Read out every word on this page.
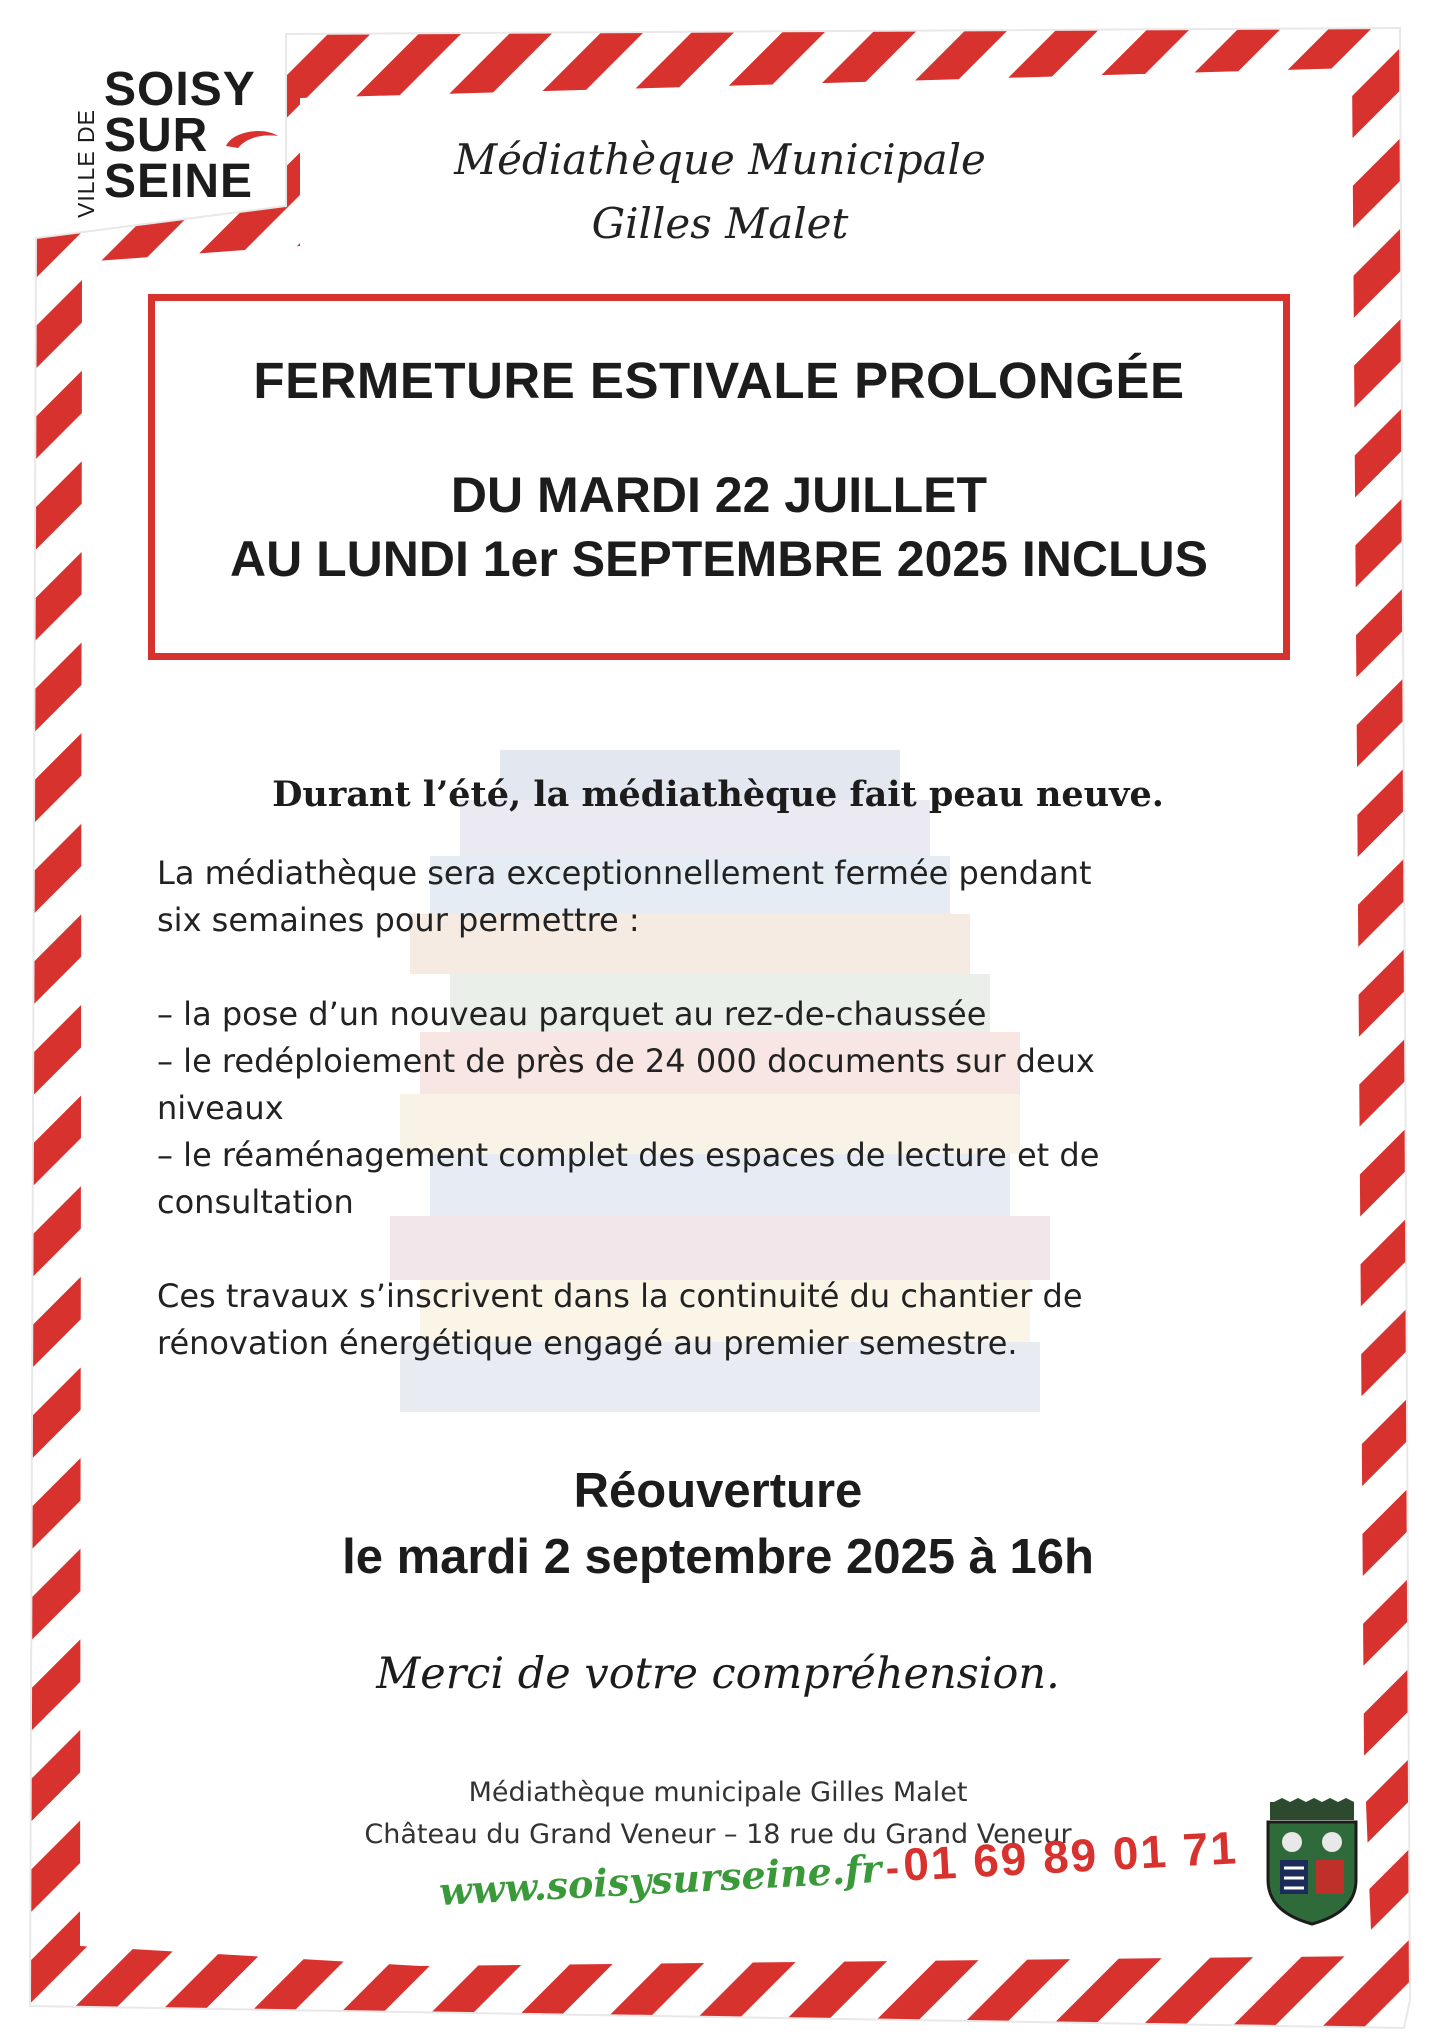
VILLE DE
SOISY
SUR
SEINE	Médiathèque Municipale
Gilles Malet
FERMETURE ESTIVALE PROLONGÉE
DU MARDI 22 JUILLET
AU LUNDI 1er SEPTEMBRE 2025 INCLUS
Durant l’été, la médiathèque fait peau neuve.

La médiathèque sera exceptionnellement fermée pendant

six semaines pour permettre :

– la pose d’un nouveau parquet au rez-de-chaussée

– le redéploiement de près de 24 000 documents sur deux

niveaux

– le réaménagement complet des espaces de lecture et de

consultation

Ces travaux s’inscrivent dans la continuité du chantier de

rénovation énergétique engagé au premier semestre.

Réouverture
le mardi 2 septembre 2025 à 16h
Merci de votre compréhension.
Médiathèque municipale Gilles Malet
Château du Grand Veneur – 18 rue du Grand Veneur
www.soisysurseine.fr - 01 69 89 01 71
